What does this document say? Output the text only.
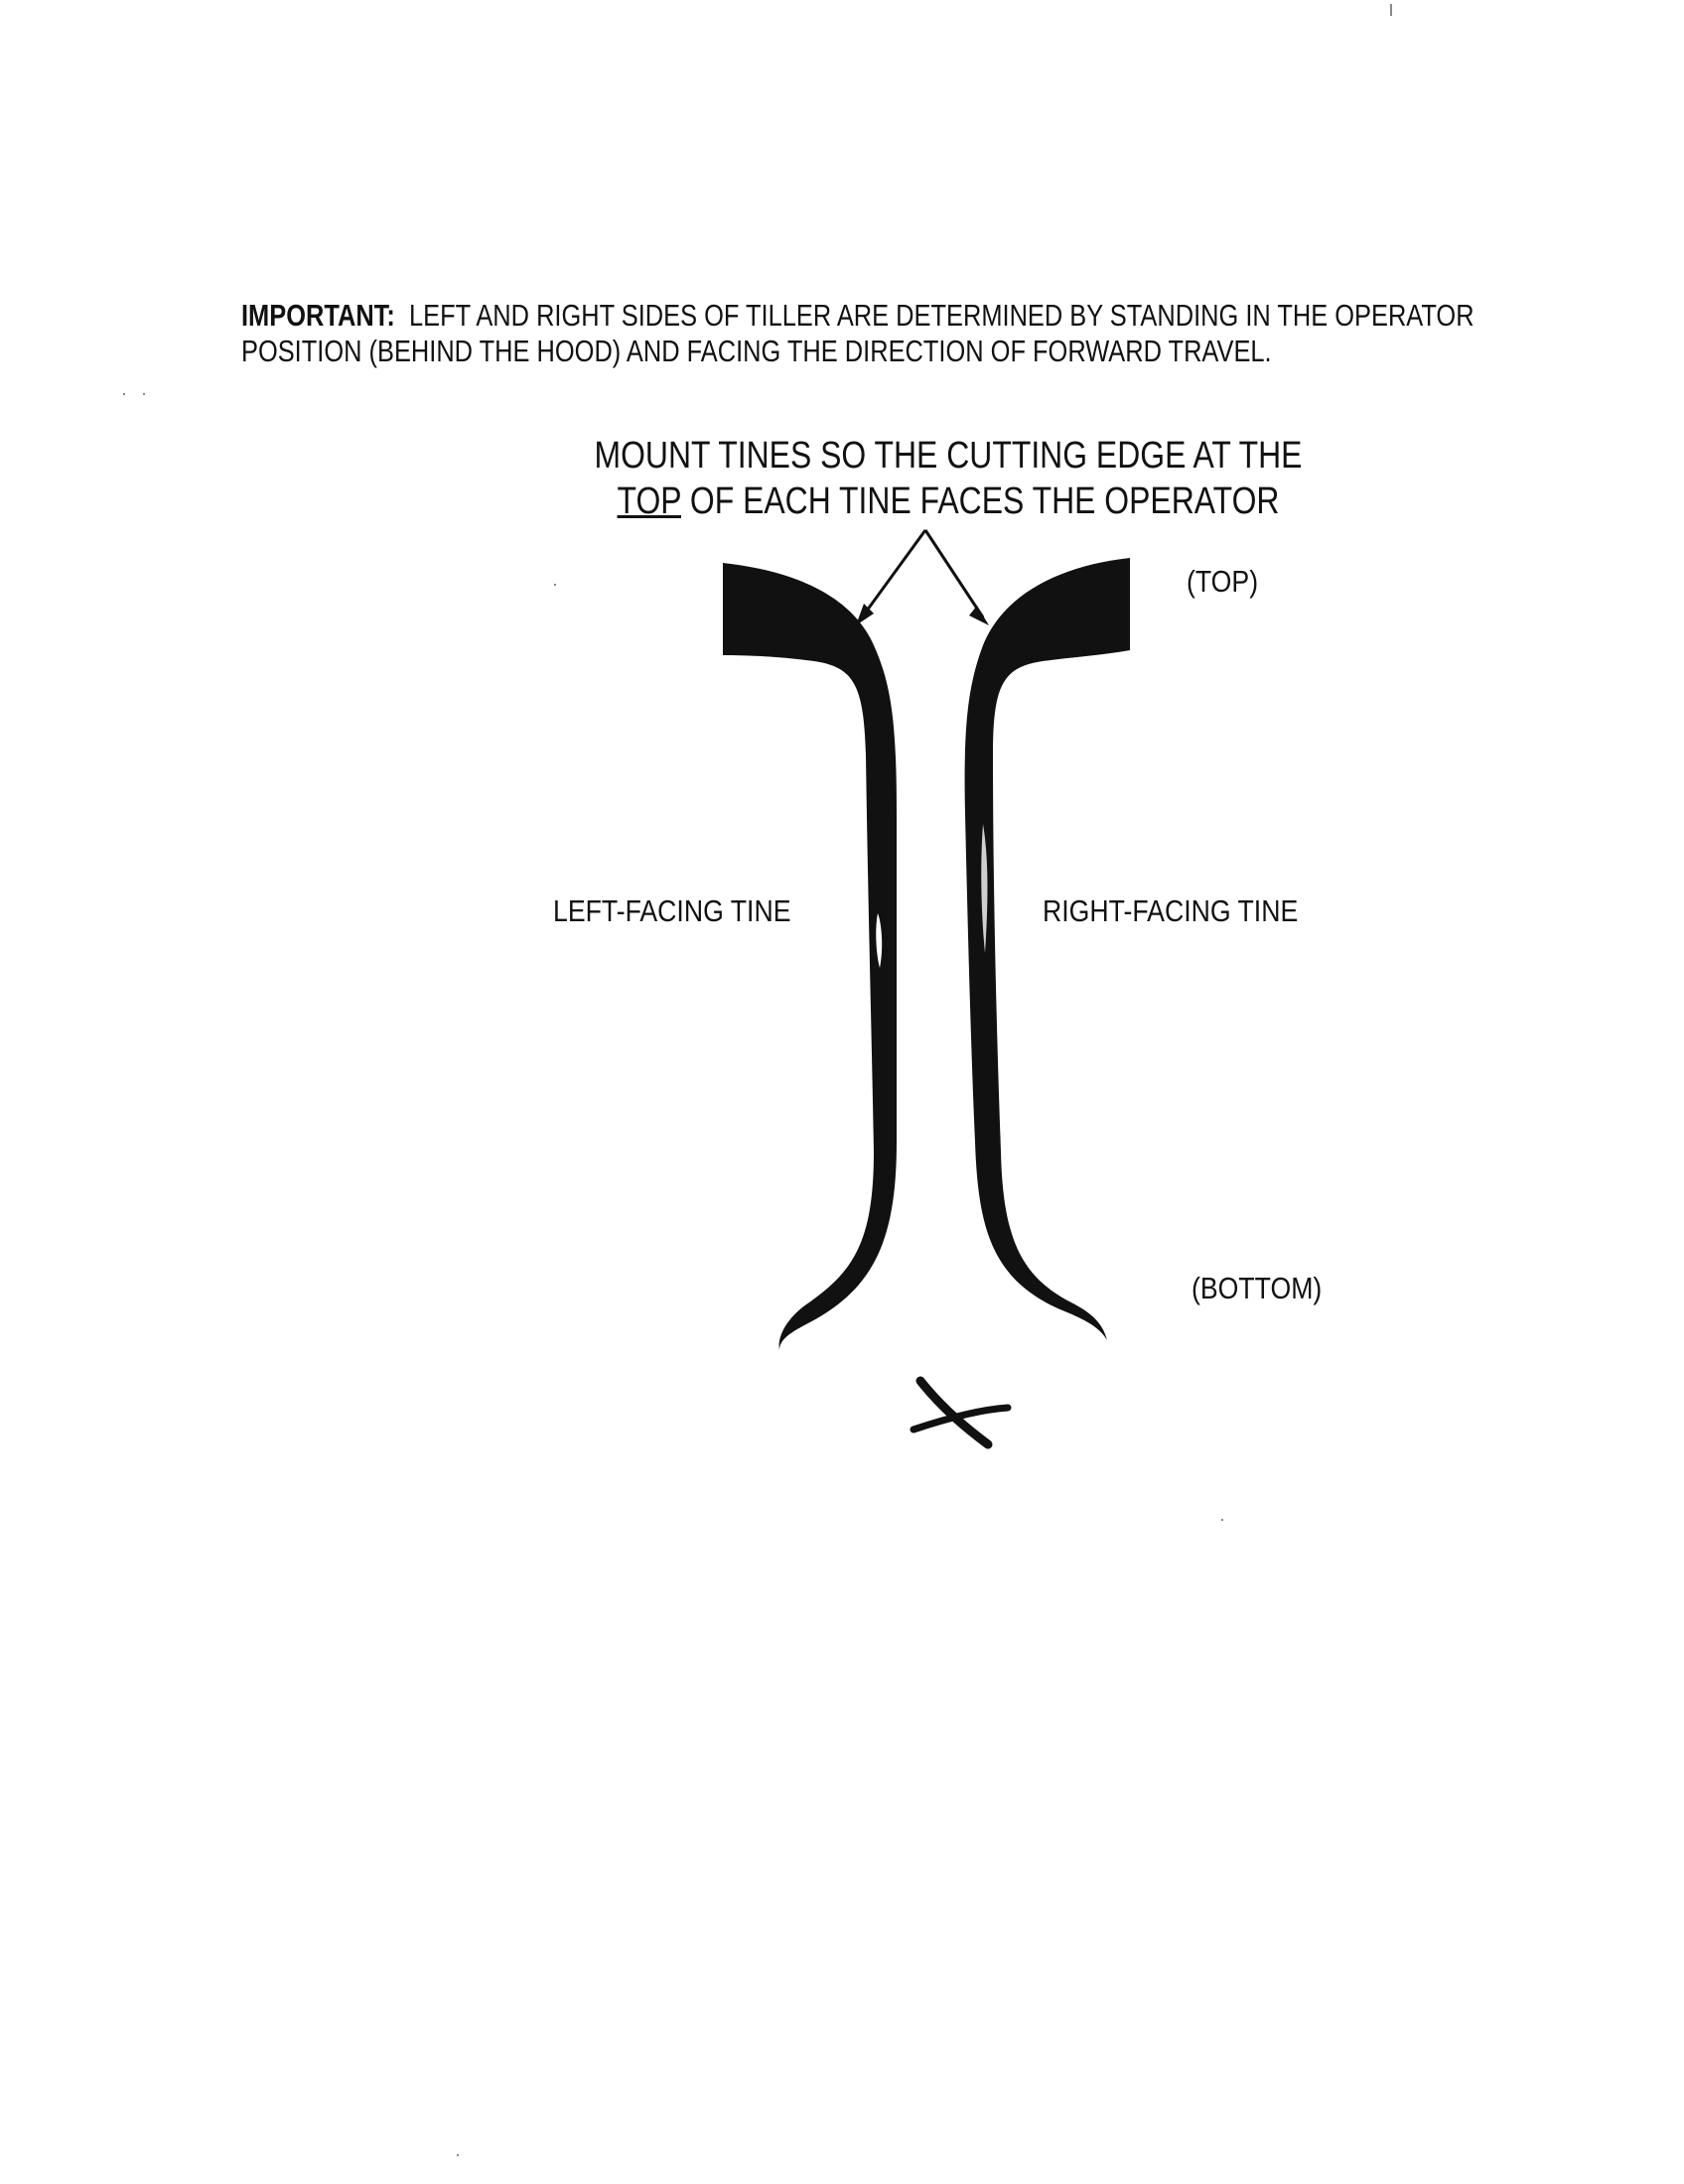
IMPORTANT: LEFT AND RIGHT SIDES OF TILLER ARE DETERMINED BY STANDING IN THE OPERATOR
POSITION (BEHIND THE HOOD) AND FACING THE DIRECTION OF FORWARD TRAVEL.
MOUNT TINES SO THE CUTTING EDGE AT THE
TOP OF EACH TINE FACES THE OPERATOR
(TOP)
LEFT-FACING TINE	RIGHT-FACING TINE
(BOTTOM)
